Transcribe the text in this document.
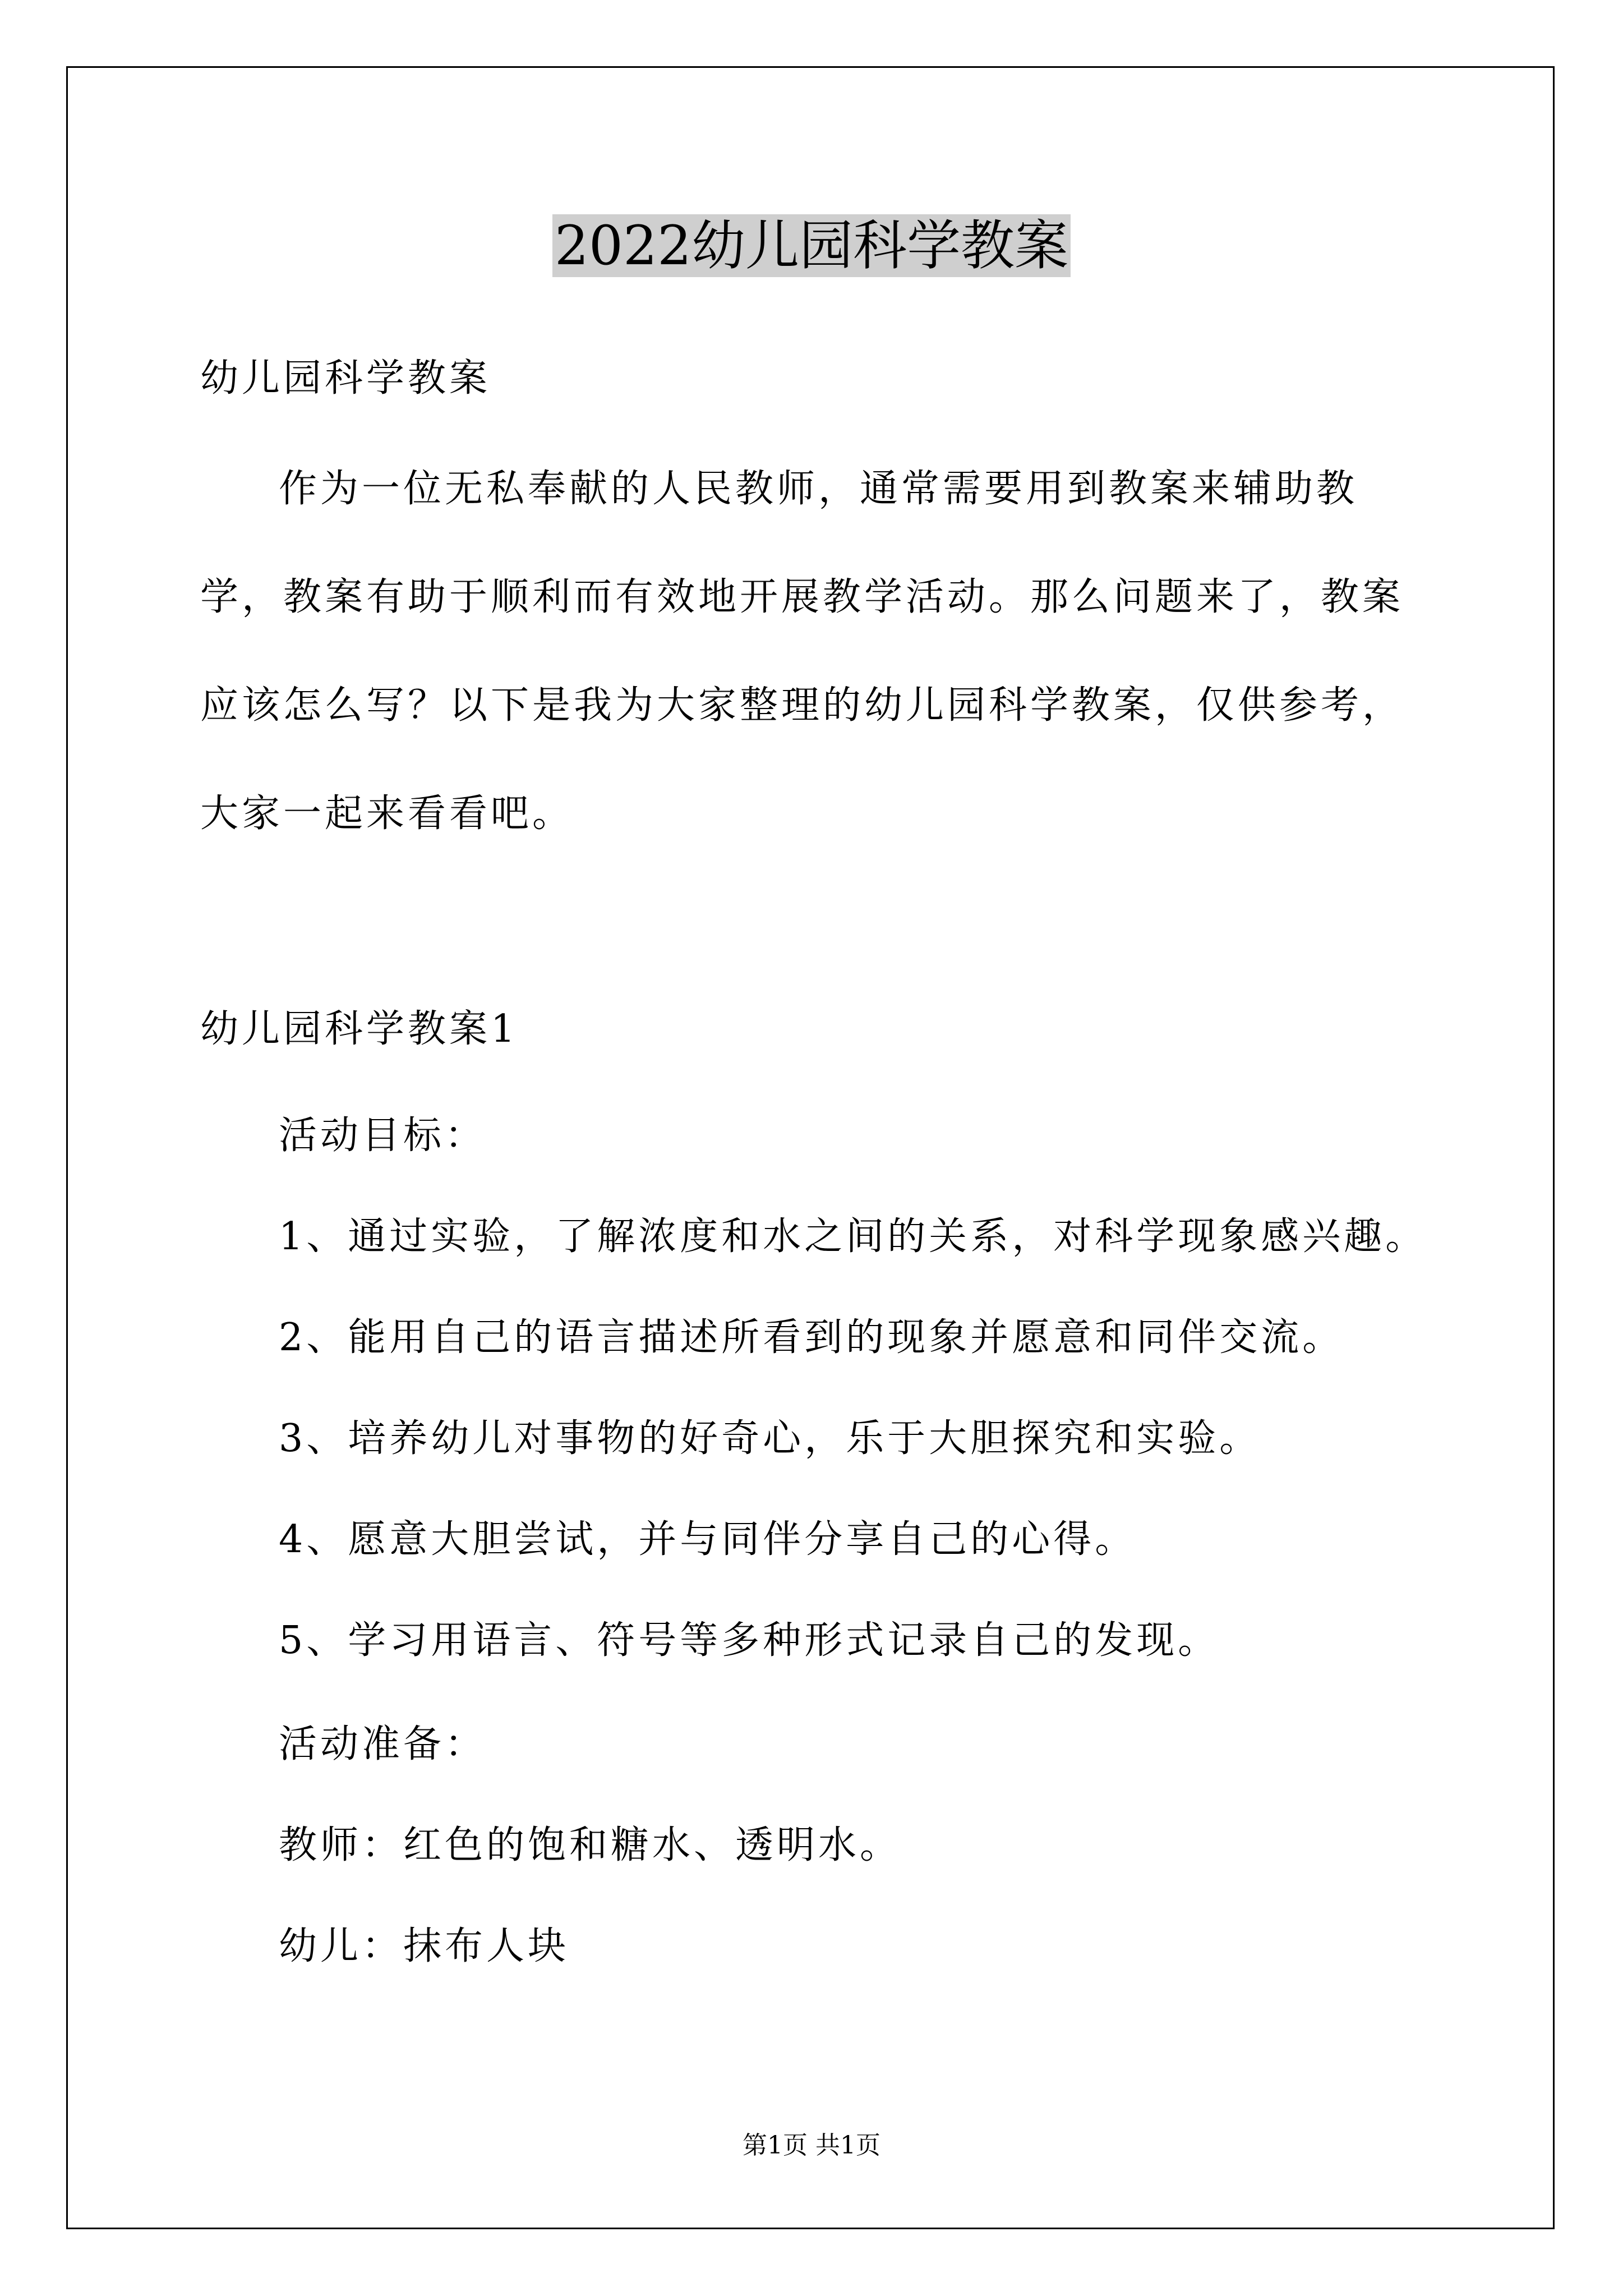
2022幼儿园科学教案
幼儿园科学教案

作为一位无私奉献的人民教师，通常需要用到教案来辅助教学，教案有助于顺利而有效地开展教学活动。那么问题来了，教案应该怎么写？以下是我为大家整理的幼儿园科学教案，仅供参考，大家一起来看看吧。

幼儿园科学教案1
活动目标：
1、通过实验，了解浓度和水之间的关系，对科学现象感兴趣。
2、能用自己的语言描述所看到的现象并愿意和同伴交流。
3、培养幼儿对事物的好奇心，乐于大胆探究和实验。
4、愿意大胆尝试，并与同伴分享自己的心得。
5、学习用语言、符号等多种形式记录自己的发现。
活动准备：
教师：红色的饱和糖水、透明水。
幼儿：抹布人块
第1页 共1页
